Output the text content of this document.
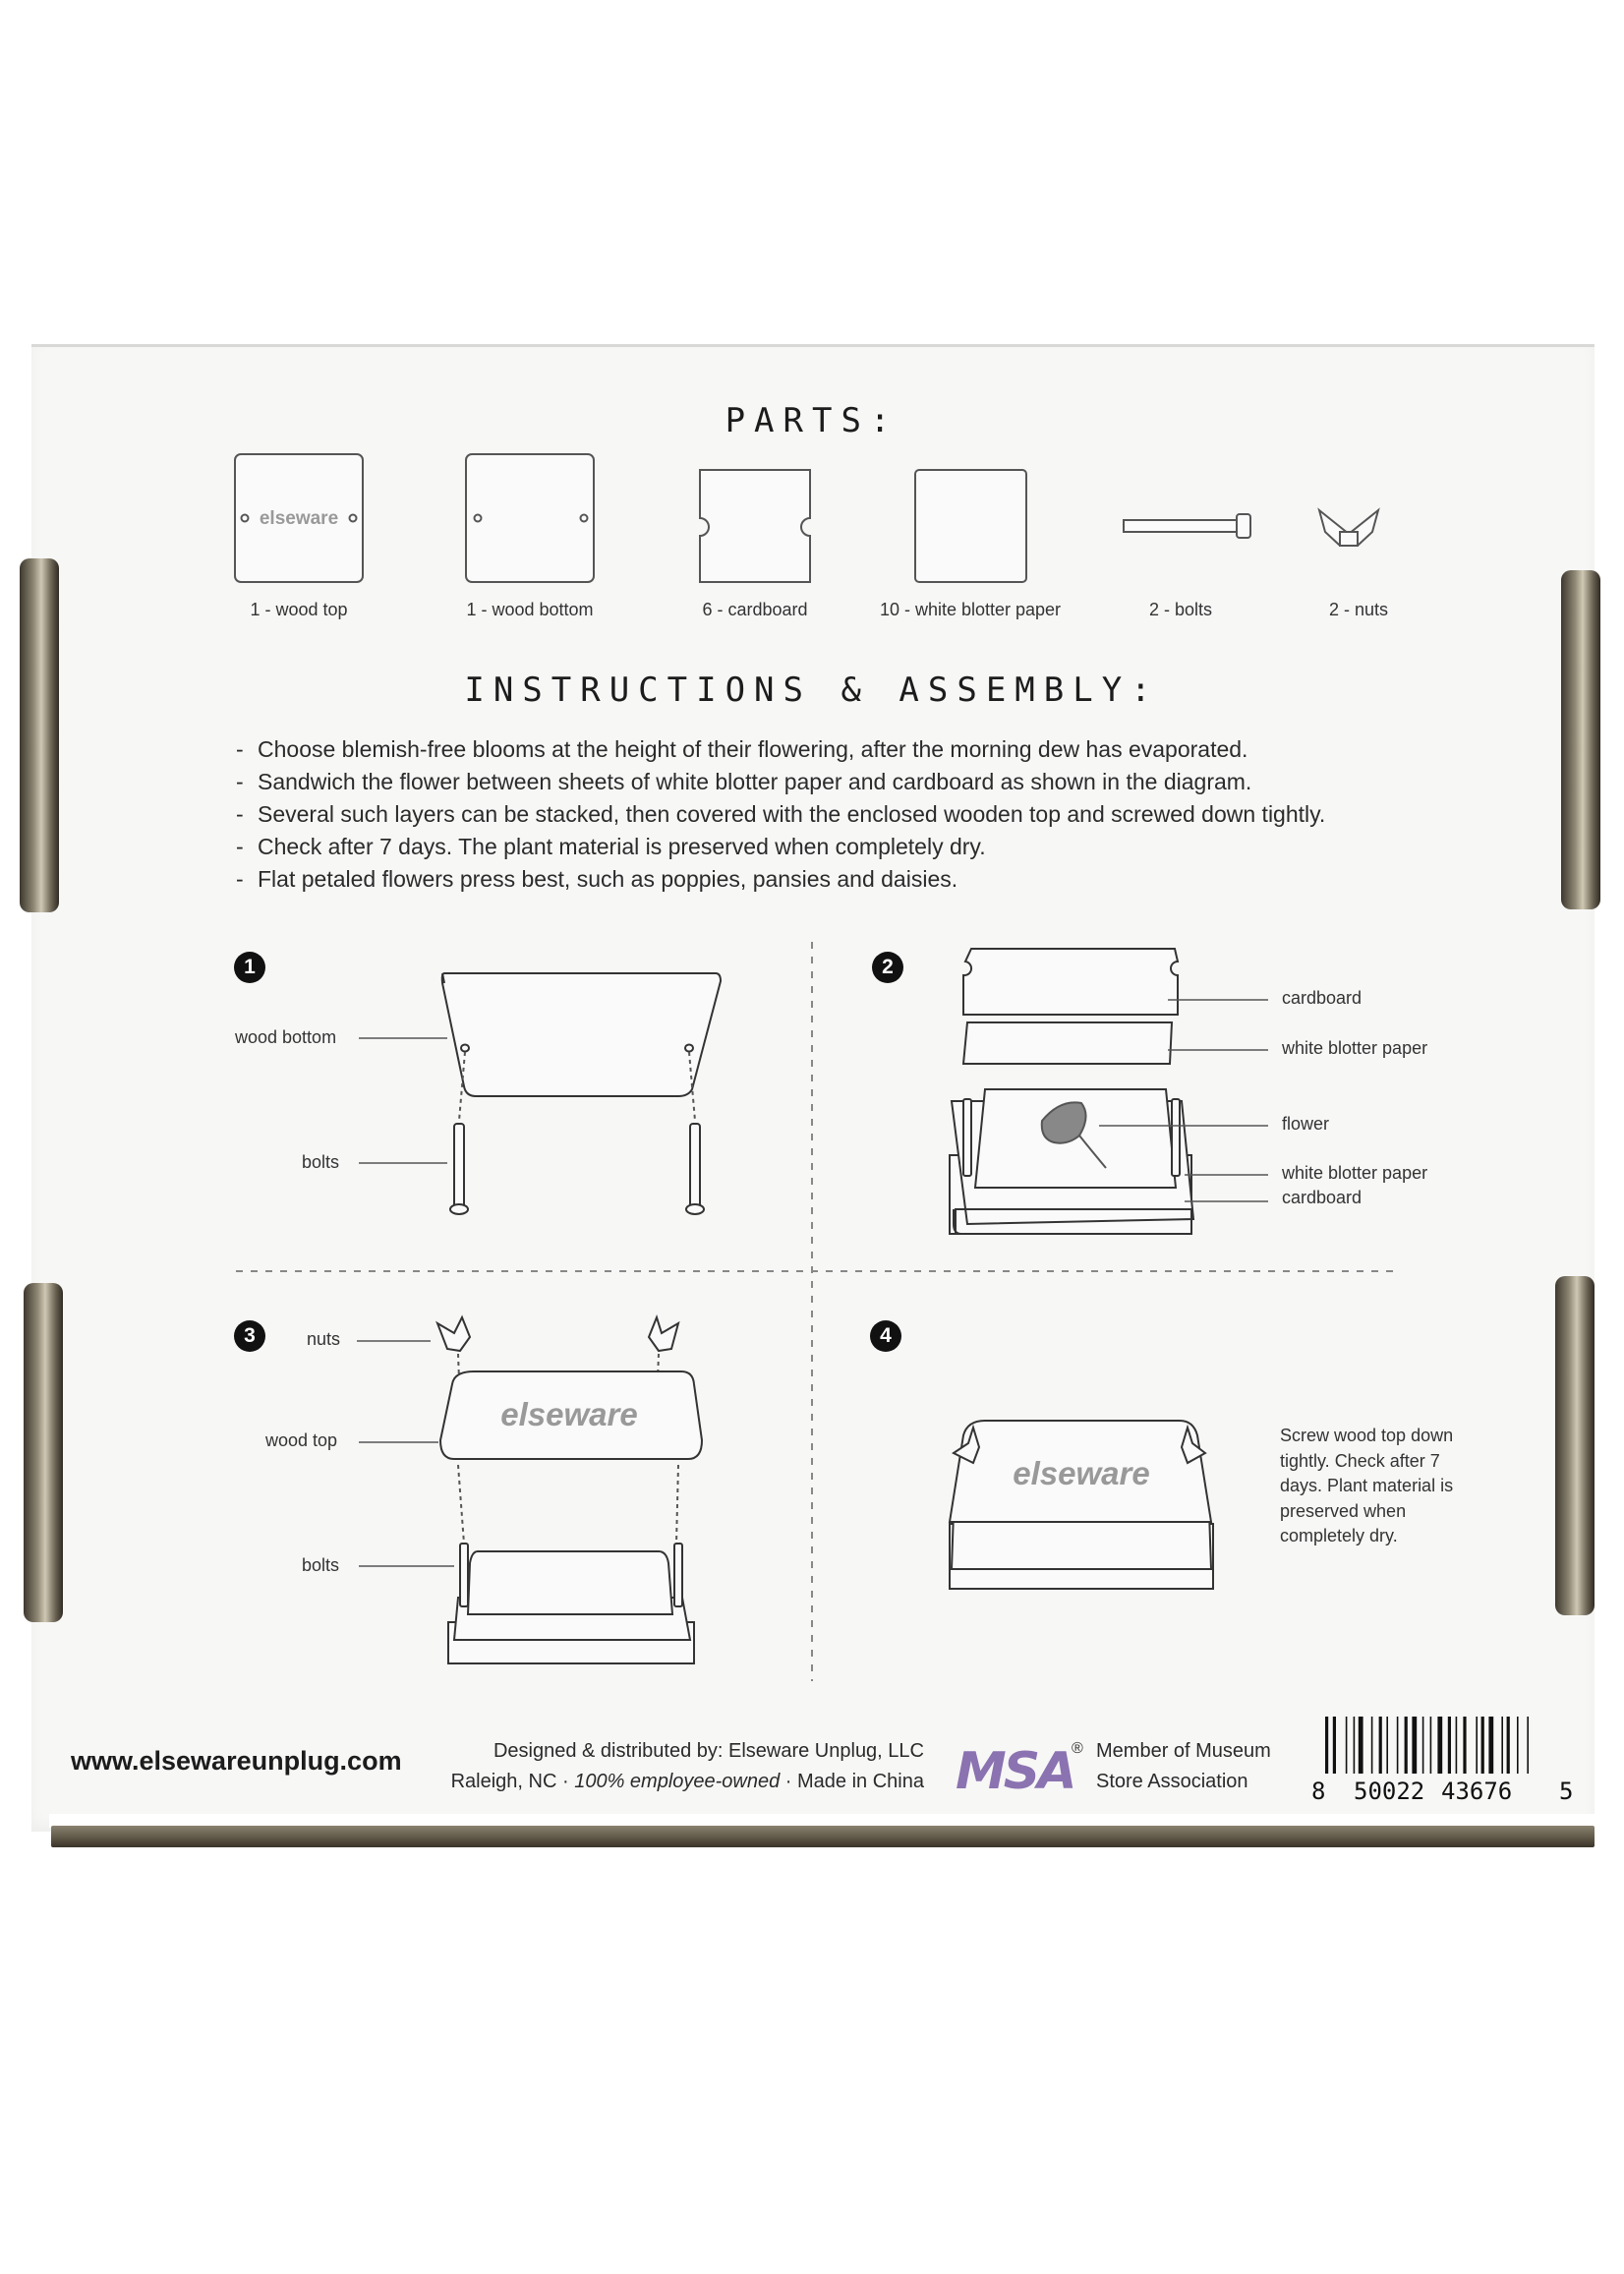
PARTS:
elseware
1 - wood top	1 - wood bottom	6 - cardboard	10 - white blotter paper	2 - bolts	2 - nuts
INSTRUCTIONS & ASSEMBLY:
- Choose blemish-free blooms at the height of their flowering, after the morning dew has evaporated.
- Sandwich the flower between sheets of white blotter paper and cardboard as shown in the diagram.
- Several such layers can be stacked, then covered with the enclosed wooden top and screwed down tightly.
- Check after 7 days. The plant material is preserved when completely dry.
- Flat petaled flowers press best, such as poppies, pansies and daisies.
elseware
elseware
1	2
3	4
wood bottom
bolts
cardboard
white blotter paper
flower
white blotter paper
cardboard
nuts
wood top
bolts
Screw wood top down tightly. Check after 7 days. Plant material is preserved when completely dry.
www.elsewareunplug.com	Designed & distributed by: Elseware Unplug, LLC
Raleigh, NC · 100% employee-owned · Made in China MSA
® Member of Museum
Store Association	8 50022 43676 5
